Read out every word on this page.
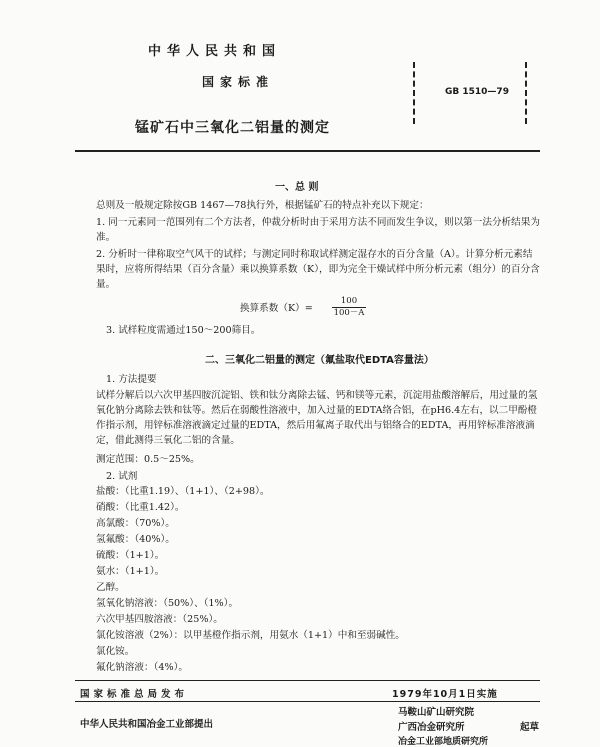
中华人民共和国
国家标准
锰矿石中三氧化二铝量的测定
GB 1510—79
一、总 则
总则及一般规定除按GB 1467—78执行外，根据锰矿石的特点补充以下规定：
1. 同一元素同一范围列有二个方法者，仲裁分析时由于采用方法不同而发生争议，则以第一法分析结果为准。
2. 分析时一律称取空气风干的试样；与测定同时称取试样测定湿存水的百分含量（A）。计算分析元素结果时，应将所得结果（百分含量）乘以换算系数（K），即为完全干燥试样中所分析元素（组分）的百分含量。
换算系数$(K)= \frac{100}{100-A}$
3. 试样粒度需通过150～200筛目。
二、三氧化二铝量的测定（氟盐取代EDTA容量法）
1. 方法提要
试样分解后以六次甲基四胺沉淀铝、铁和钛分离除去锰、钙和镁等元素，沉淀用盐酸溶解后，用过量的氢氧化钠分离除去铁和钛等。然后在弱酸性溶液中，加入过量的EDTA络合铝，在pH6.4左右，以二甲酚橙作指示剂，用锌标准溶液滴定过量的EDTA，然后用氟离子取代出与铝络合的EDTA，再用锌标准溶液滴定，借此测得三氧化二铝的含量。
测定范围：0.5～25%。
2. 试剂
盐酸：（比重1.19）、（1+1）、（2+98）。
硝酸：（比重1.42）。
高氯酸：（70%）。
氢氟酸：（40%）。
硫酸：（1+1）。
氨水：（1+1）。
乙醇。
氢氧化钠溶液：（50%）、（1%）。
六次甲基四胺溶液：（25%）。
氯化铵溶液（2%）：以甲基橙作指示剂，用氨水（1+1）中和至弱碱性。
氯化铵。
氟化钠溶液：（4%）。
国家标准总局发布	1979年10月1日实施
中华人民共和国冶金工业部提出
马鞍山矿山研究院
广西冶金研究所	起草
冶金工业部地质研究所
